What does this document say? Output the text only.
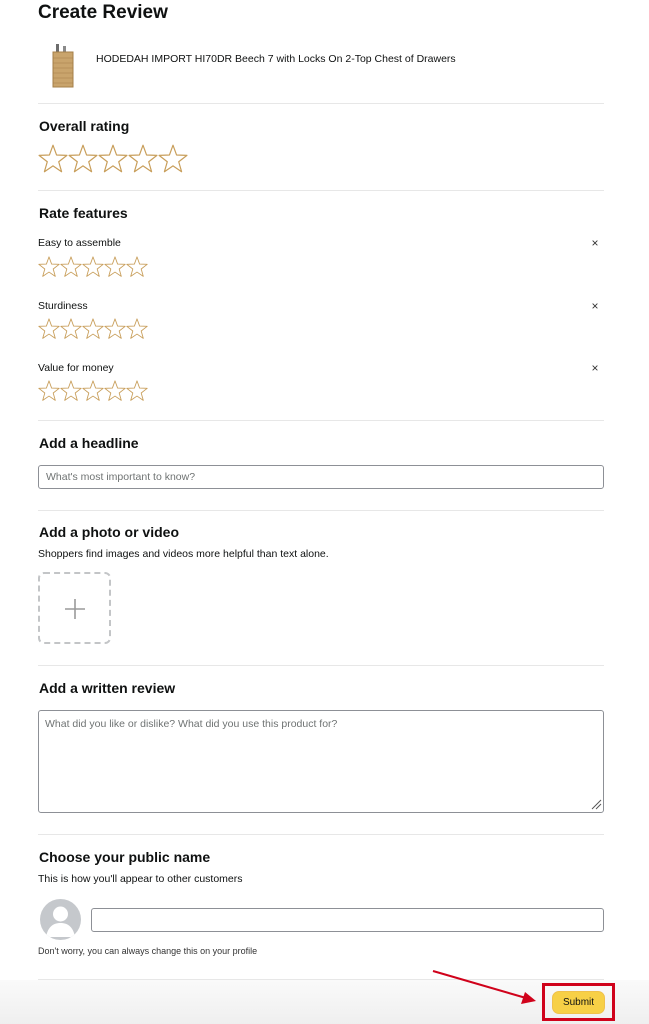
Create Review
HODEDAH IMPORT HI70DR Beech 7 with Locks On 2-Top Chest of Drawers
Overall rating
Rate features
Easy to assemble	×
Sturdiness	×
Value for money	×
Add a headline
What's most important to know?
Add a photo or video
Shoppers find images and videos more helpful than text alone.
Add a written review
What did you like or dislike? What did you use this product for?
Choose your public name
This is how you'll appear to other customers
Don't worry, you can always change this on your profile
Submit
